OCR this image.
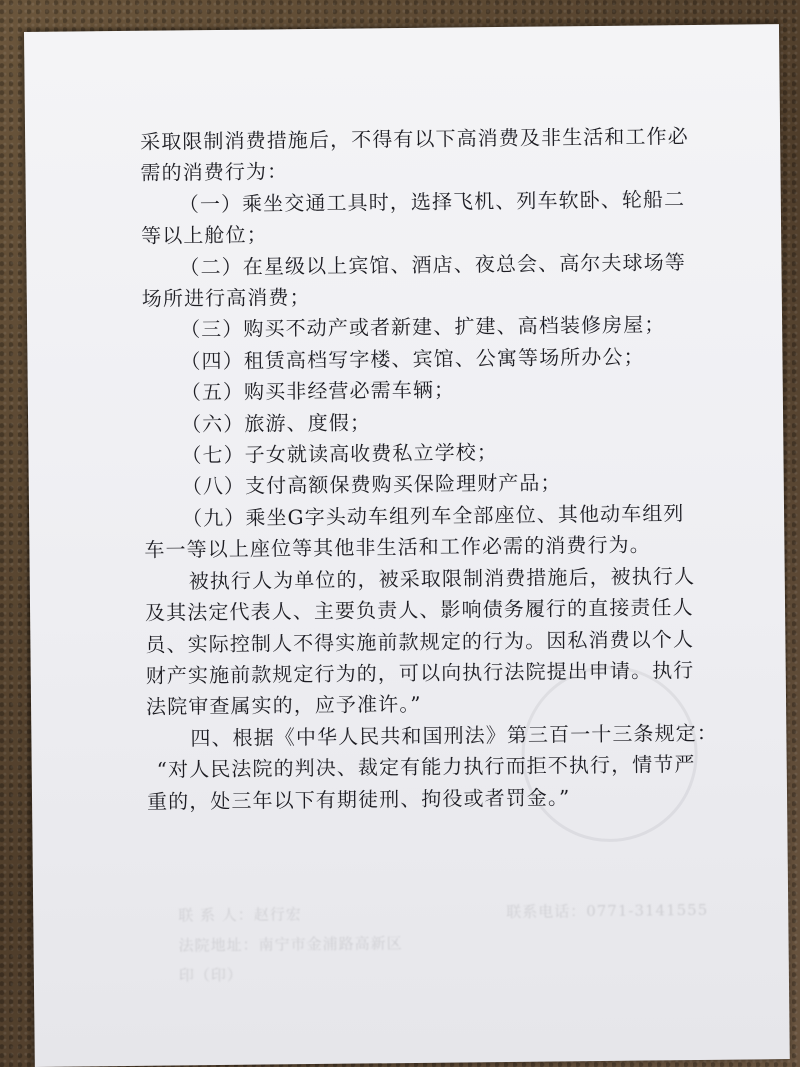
采取限制消费措施后，不得有以下高消费及非生活和工作必

需的消费行为：

（一）乘坐交通工具时，选择飞机、列车软卧、轮船二

等以上舱位；

（二）在星级以上宾馆、酒店、夜总会、高尔夫球场等

场所进行高消费；

（三）购买不动产或者新建、扩建、高档装修房屋；

（四）租赁高档写字楼、宾馆、公寓等场所办公；

（五）购买非经营必需车辆；

（六）旅游、度假；

（七）子女就读高收费私立学校；

（八）支付高额保费购买保险理财产品；

（九）乘坐G字头动车组列车全部座位、其他动车组列

车一等以上座位等其他非生活和工作必需的消费行为。

被执行人为单位的，被采取限制消费措施后，被执行人

及其法定代表人、主要负责人、影响债务履行的直接责任人

员、实际控制人不得实施前款规定的行为。因私消费以个人

财产实施前款规定行为的，可以向执行法院提出申请。执行

法院审查属实的，应予准许。”

四、根据《中华人民共和国刑法》第三百一十三条规定：

“对人民法院的判决、裁定有能力执行而拒不执行，情节严

重的，处三年以下有期徒刑、拘役或者罚金。”

联 系 人：赵行宏	联系电话：0771-3141555
法院地址：南宁市金浦路高新区
印（印）
